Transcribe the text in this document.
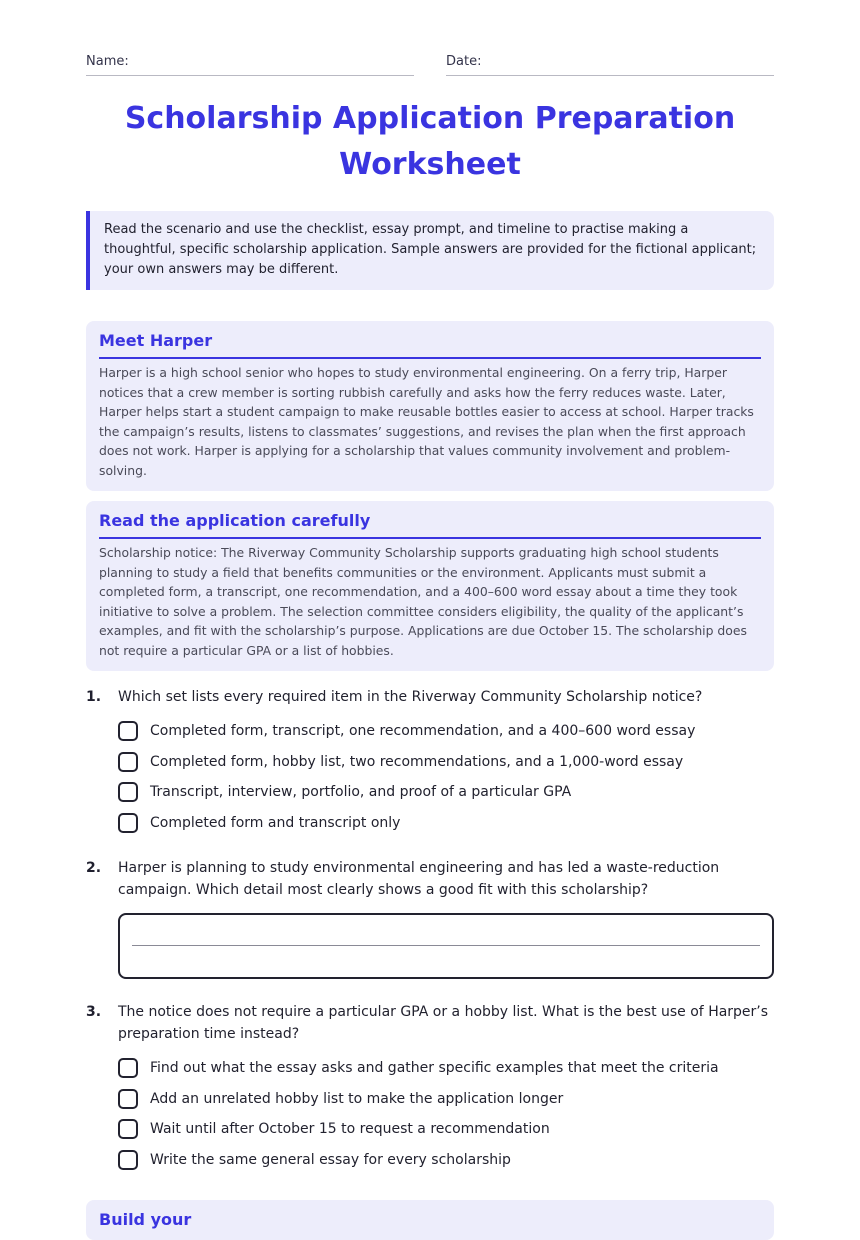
Name:	Date:
Scholarship Application Preparation Worksheet
Read the scenario and use the checklist, essay prompt, and timeline to practise making a thoughtful, specific scholarship application. Sample answers are provided for the fictional applicant; your own answers may be different.
Meet Harper

Harper is a high school senior who hopes to study environmental engineering. On a ferry trip, Harper notices that a crew member is sorting rubbish carefully and asks how the ferry reduces waste. Later, Harper helps start a student campaign to make reusable bottles easier to access at school. Harper tracks the campaign’s results, listens to classmates’ suggestions, and revises the plan when the first approach does not work. Harper is applying for a scholarship that values community involvement and problem-solving.

Read the application carefully

Scholarship notice: The Riverway Community Scholarship supports graduating high school students planning to study a field that benefits communities or the environment. Applicants must submit a completed form, a transcript, one recommendation, and a 400–600 word essay about a time they took initiative to solve a problem. The selection committee considers eligibility, the quality of the applicant’s examples, and fit with the scholarship’s purpose. Applications are due October 15. The scholarship does not require a particular GPA or a list of hobbies.

1. Which set lists every required item in the Riverway Community Scholarship notice?
Completed form, transcript, one recommendation, and a 400–600 word essay
Completed form, hobby list, two recommendations, and a 1,000-word essay
Transcript, interview, portfolio, and proof of a particular GPA
Completed form and transcript only
2. Harper is planning to study environmental engineering and has led a waste-reduction campaign. Which detail most clearly shows a good fit with this scholarship?
3. The notice does not require a particular GPA or a hobby list. What is the best use of Harper’s preparation time instead?
Find out what the essay asks and gather specific examples that meet the criteria
Add an unrelated hobby list to make the application longer
Wait until after October 15 to request a recommendation
Write the same general essay for every scholarship
Build your
